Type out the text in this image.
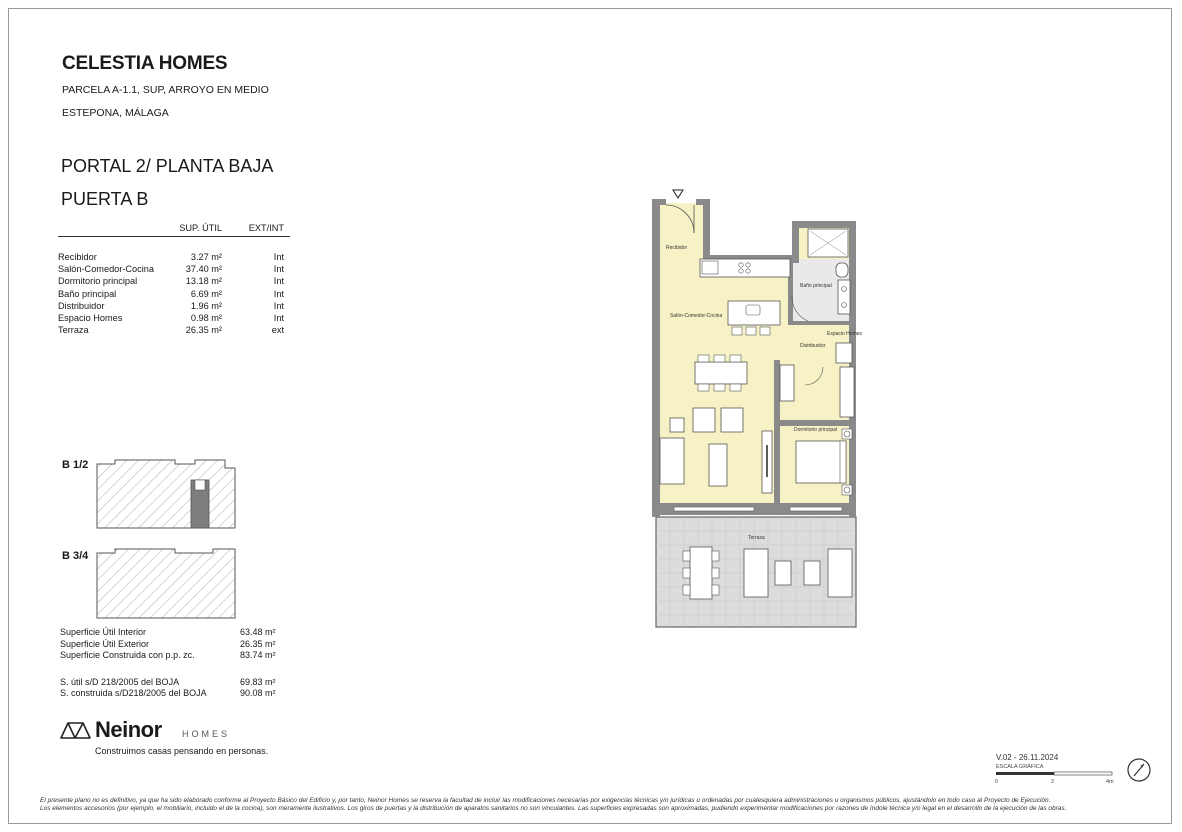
CELESTIA HOMES
PARCELA A-1.1, SUP, ARROYO EN MEDIO
ESTEPONA, MÁLAGA
PORTAL 2/ PLANTA BAJA
PUERTA B
	SUP. ÚTIL	EXT/INT
Recibidor	3.27 m²	Int
Salón-Comedor-Cocina	37.40 m²	Int
Dormitorio principal	13.18 m²	Int
Baño principal	6.69 m²	Int
Distribuidor	1.96 m²	Int
Espacio Homes	0.98 m²	Int
Terraza	26.35 m²	ext
B 1/2
B 3/4
Superficie Útil Interior	63.48 m²
Superficie Útil Exterior	26.35 m²
Superficie Construida con p.p. zc.	83.74 m²
S. útil s/D 218/2005 del BOJA	69.83 m²
S. construida s/D218/2005 del BOJA	90.08 m²
Neinor HOMES
Construimos casas pensando en personas.
Recibidor
Salón-Comedor-Cocina
Baño principal
Distribuidor
Espacio Homes
Dormitorio principal
Terraza
V.02 - 26.11.2024
ESCALA GRÁFICA
0	2	4m
El presente plano no es definitivo, ya que ha sido elaborado conforme al Proyecto Básico del Edificio y, por tanto, Neinor Homes se reserva la facultad de incluir las modificaciones necesarias por exigencias técnicas y/o jurídicas u ordenadas por cualesquiera administraciones u organismos públicos, ajustándolo en todo caso al Proyecto de Ejecución.
Los elementos accesorios (por ejemplo, el mobiliario, incluido el de la cocina), son meramente ilustrativos. Los giros de puertas y la distribución de aparatos sanitarios no son vinculantes. Las superficies expresadas son aproximadas, pudiendo experimentar modificaciones por razones de índole técnica y/o legal en el desarrollo de la ejecución de las obras.
